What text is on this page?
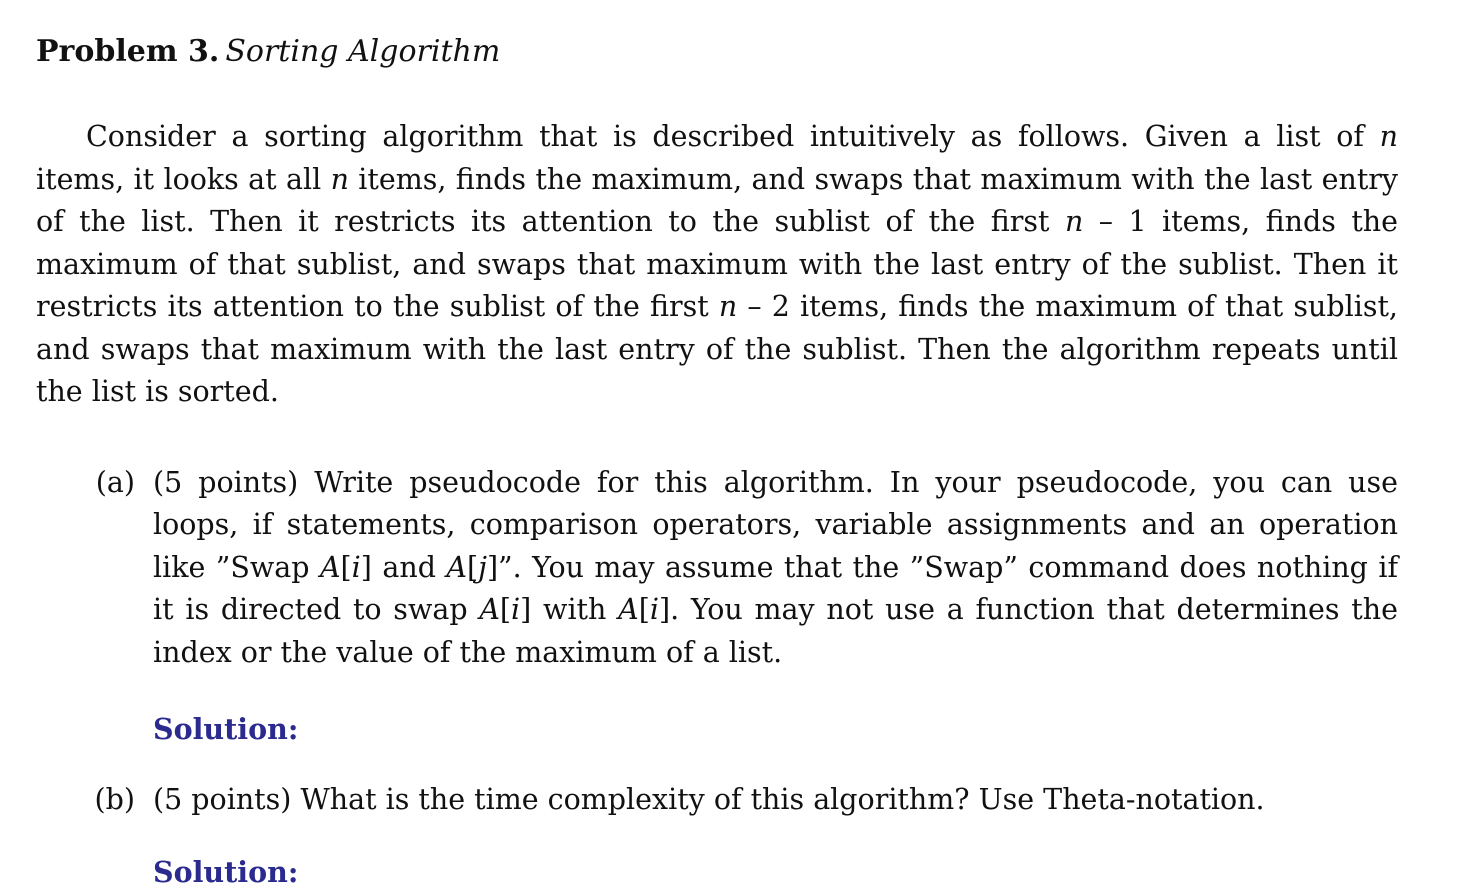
Problem 3. Sorting Algorithm

Consider a sorting algorithm that is described intuitively as follows. Given a list of n items, it looks at all n items, finds the maximum, and swaps that maximum with the last entry of the list. Then it restricts its attention to the sublist of the first n – 1 items, finds the maximum of that sublist, and swaps that maximum with the last entry of the sublist. Then it restricts its attention to the sublist of the first n – 2 items, finds the maximum of that sublist, and swaps that maximum with the last entry of the sublist. Then the algorithm repeats until the list is sorted.

(a) (5 points) Write pseudocode for this algorithm. In your pseudocode, you can use loops, if statements, comparison operators, variable assignments and an operation like ”Swap A[i] and A[j]”. You may assume that the ”Swap” command does nothing if it is directed to swap A[i] with A[i]. You may not use a function that determines the index or the value of the maximum of a list.

Solution:

(b) (5 points) What is the time complexity of this algorithm? Use Theta-notation.

Solution:
